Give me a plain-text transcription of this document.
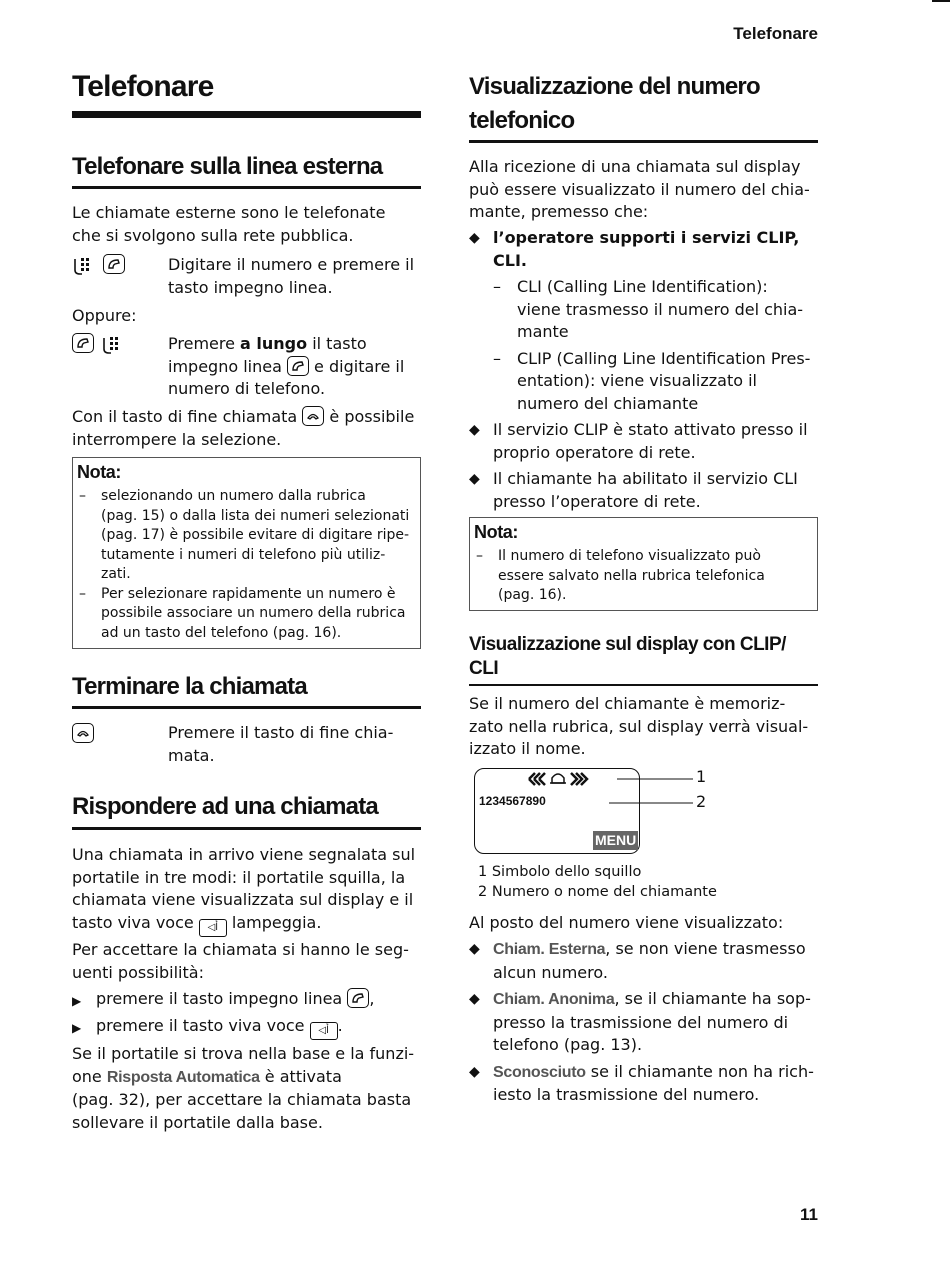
Telefonare
11
Telefonare
Telefonare sulla linea esterna
Le chiamate esterne sono le telefonate
che si svolgono sulla rete pubblica.

Digitare il numero e premere il
tasto impegno linea.
Oppure:

Premere a lungo il tasto
impegno linea
e digitare il
numero di telefono.
Con il tasto di fine chiamata
è possibile
interrompere la selezione.
Nota:
– selezionando un numero dalla rubrica
(pag. 15) o dalla lista dei numeri selezionati
(pag. 17) è possibile evitare di digitare ripe-
tutamente i numeri di telefono più utiliz-
zati.
– Per selezionare rapidamente un numero è
possibile associare un numero della rubrica
ad un tasto del telefono (pag. 16).
Terminare la chiamata
Premere il tasto di fine chia-
mata.
Rispondere ad una chiamata
Una chiamata in arrivo viene segnalata sul
portatile in tre modi: il portatile squilla, la
chiamata viene visualizzata sul display e il
tasto viva voce ◁ﺃ lampeggia.
Per accettare la chiamata si hanno le seg-
uenti possibilità:
▶ premere il tasto impegno linea
,
▶ premere il tasto viva voce ◁ﺃ .
Se il portatile si trova nella base e la funzi-
one Risposta Automatica è attivata
(pag. 32), per accettare la chiamata basta
sollevare il portatile dalla base.
Visualizzazione del numero
telefonico
Alla ricezione di una chiamata sul display
può essere visualizzato il numero del chia-
mante, premesso che:
◆ l’operatore supporti i servizi CLIP,
CLI.
– CLI (Calling Line Identification):
viene trasmesso il numero del chia-
mante
– CLIP (Calling Line Identification Pres-
entation): viene visualizzato il
numero del chiamante
◆ Il servizio CLIP è stato attivato presso il
proprio operatore di rete.
◆ Il chiamante ha abilitato il servizio CLI
presso l’operatore di rete.
Nota:
– Il numero di telefono visualizzato può
essere salvato nella rubrica telefonica
(pag. 16).
Visualizzazione sul display con CLIP/
CLI
Se il numero del chiamante è memoriz-
zato nella rubrica, sul display verrà visual-
izzato il nome.
1234567890
MENU
1
2
1 Simbolo dello squillo
2 Numero o nome del chiamante
Al posto del numero viene visualizzato:
◆ Chiam. Esterna, se non viene trasmesso
alcun numero.
◆ Chiam. Anonima, se il chiamante ha sop-
presso la trasmissione del numero di
telefono (pag. 13).
◆ Sconosciuto se il chiamante non ha rich-
iesto la trasmissione del numero.
